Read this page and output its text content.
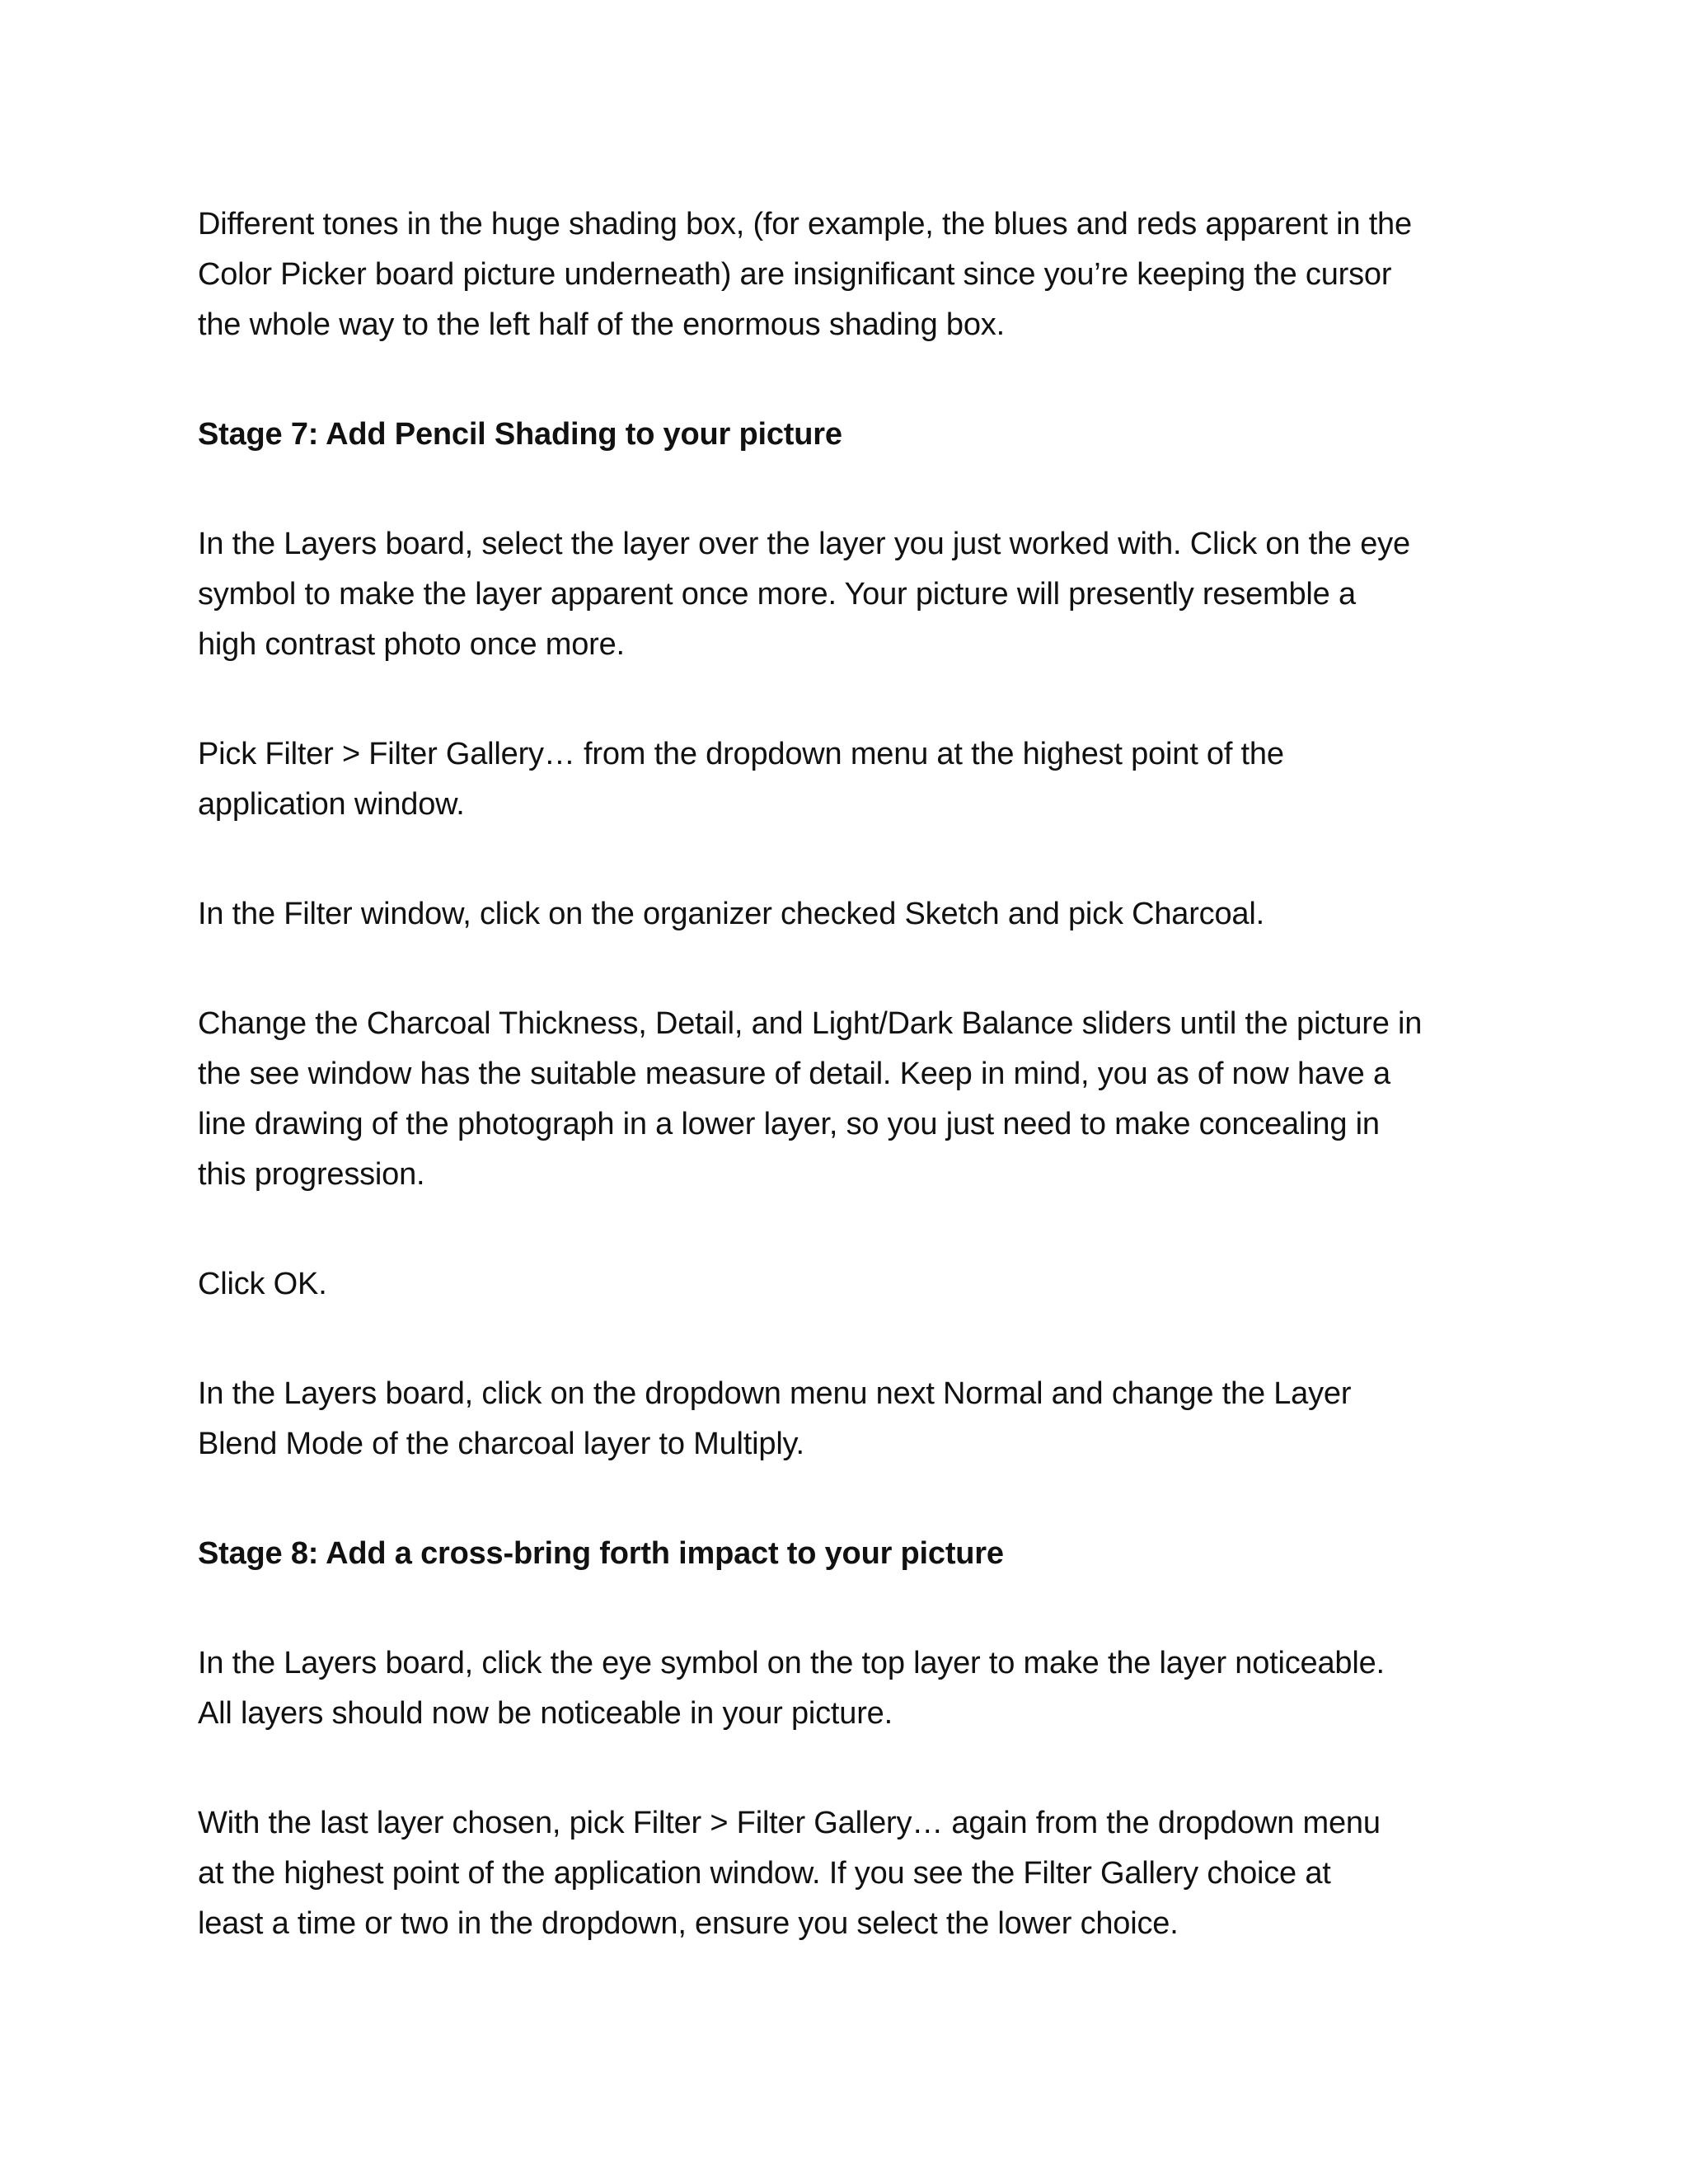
Different tones in the huge shading box, (for example, the blues and reds apparent in the
Color Picker board picture underneath) are insignificant since you’re keeping the cursor
the whole way to the left half of the enormous shading box.

Stage 7: Add Pencil Shading to your picture

In the Layers board, select the layer over the layer you just worked with. Click on the eye
symbol to make the layer apparent once more. Your picture will presently resemble a
high contrast photo once more.

Pick Filter > Filter Gallery… from the dropdown menu at the highest point of the
application window.

In the Filter window, click on the organizer checked Sketch and pick Charcoal.

Change the Charcoal Thickness, Detail, and Light/Dark Balance sliders until the picture in
the see window has the suitable measure of detail. Keep in mind, you as of now have a
line drawing of the photograph in a lower layer, so you just need to make concealing in
this progression.

Click OK.

In the Layers board, click on the dropdown menu next Normal and change the Layer
Blend Mode of the charcoal layer to Multiply.

Stage 8: Add a cross-bring forth impact to your picture

In the Layers board, click the eye symbol on the top layer to make the layer noticeable.
All layers should now be noticeable in your picture.

With the last layer chosen, pick Filter > Filter Gallery… again from the dropdown menu
at the highest point of the application window. If you see the Filter Gallery choice at
least a time or two in the dropdown, ensure you select the lower choice.
